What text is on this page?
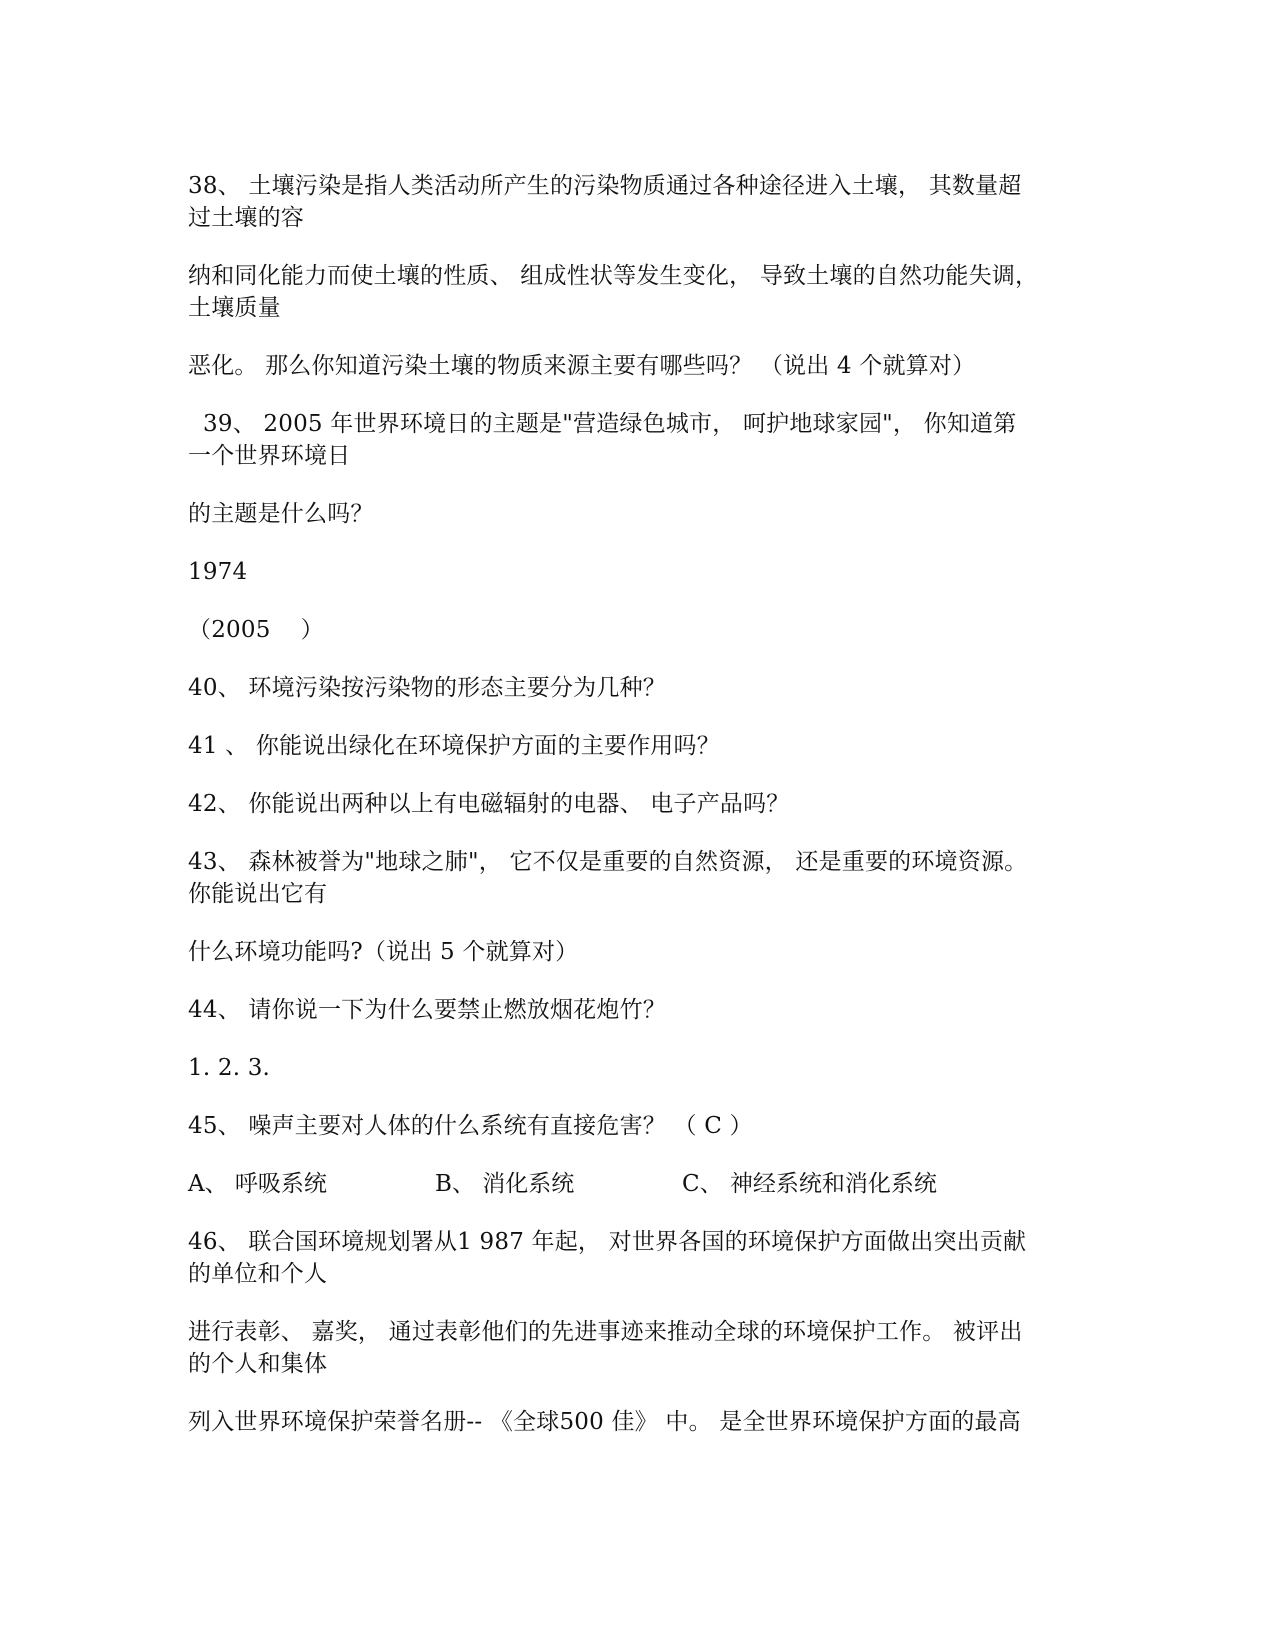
38、 土壤污染是指人类活动所产生的污染物质通过各种途径进入土壤， 其数量超
过土壤的容

纳和同化能力而使土壤的性质、 组成性状等发生变化， 导致土壤的自然功能失调，
土壤质量

恶化。 那么你知道污染土壤的物质来源主要有哪些吗？ （说出 4 个就算对）

39、 2005 年世界环境日的主题是"营造绿色城市， 呵护地球家园"， 你知道第
一个世界环境日

的主题是什么吗？

1974

（2005    ）

40、 环境污染按污染物的形态主要分为几种？

41 、 你能说出绿化在环境保护方面的主要作用吗？

42、 你能说出两种以上有电磁辐射的电器、 电子产品吗？

43、 森林被誉为"地球之肺"， 它不仅是重要的自然资源， 还是重要的环境资源。
你能说出它有

什么环境功能吗?（说出 5 个就算对）

44、 请你说一下为什么要禁止燃放烟花炮竹？

1. 2. 3.

45、 噪声主要对人体的什么系统有直接危害？ （ C ）

A、 呼吸系统	B、 消化系统	C、 神经系统和消化系统

46、 联合国环境规划署从1 987 年起， 对世界各国的环境保护方面做出突出贡献
的单位和个人

进行表彰、 嘉奖， 通过表彰他们的先进事迹来推动全球的环境保护工作。 被评出
的个人和集体

列入世界环境保护荣誉名册-- 《全球500 佳》 中。 是全世界环境保护方面的最高
